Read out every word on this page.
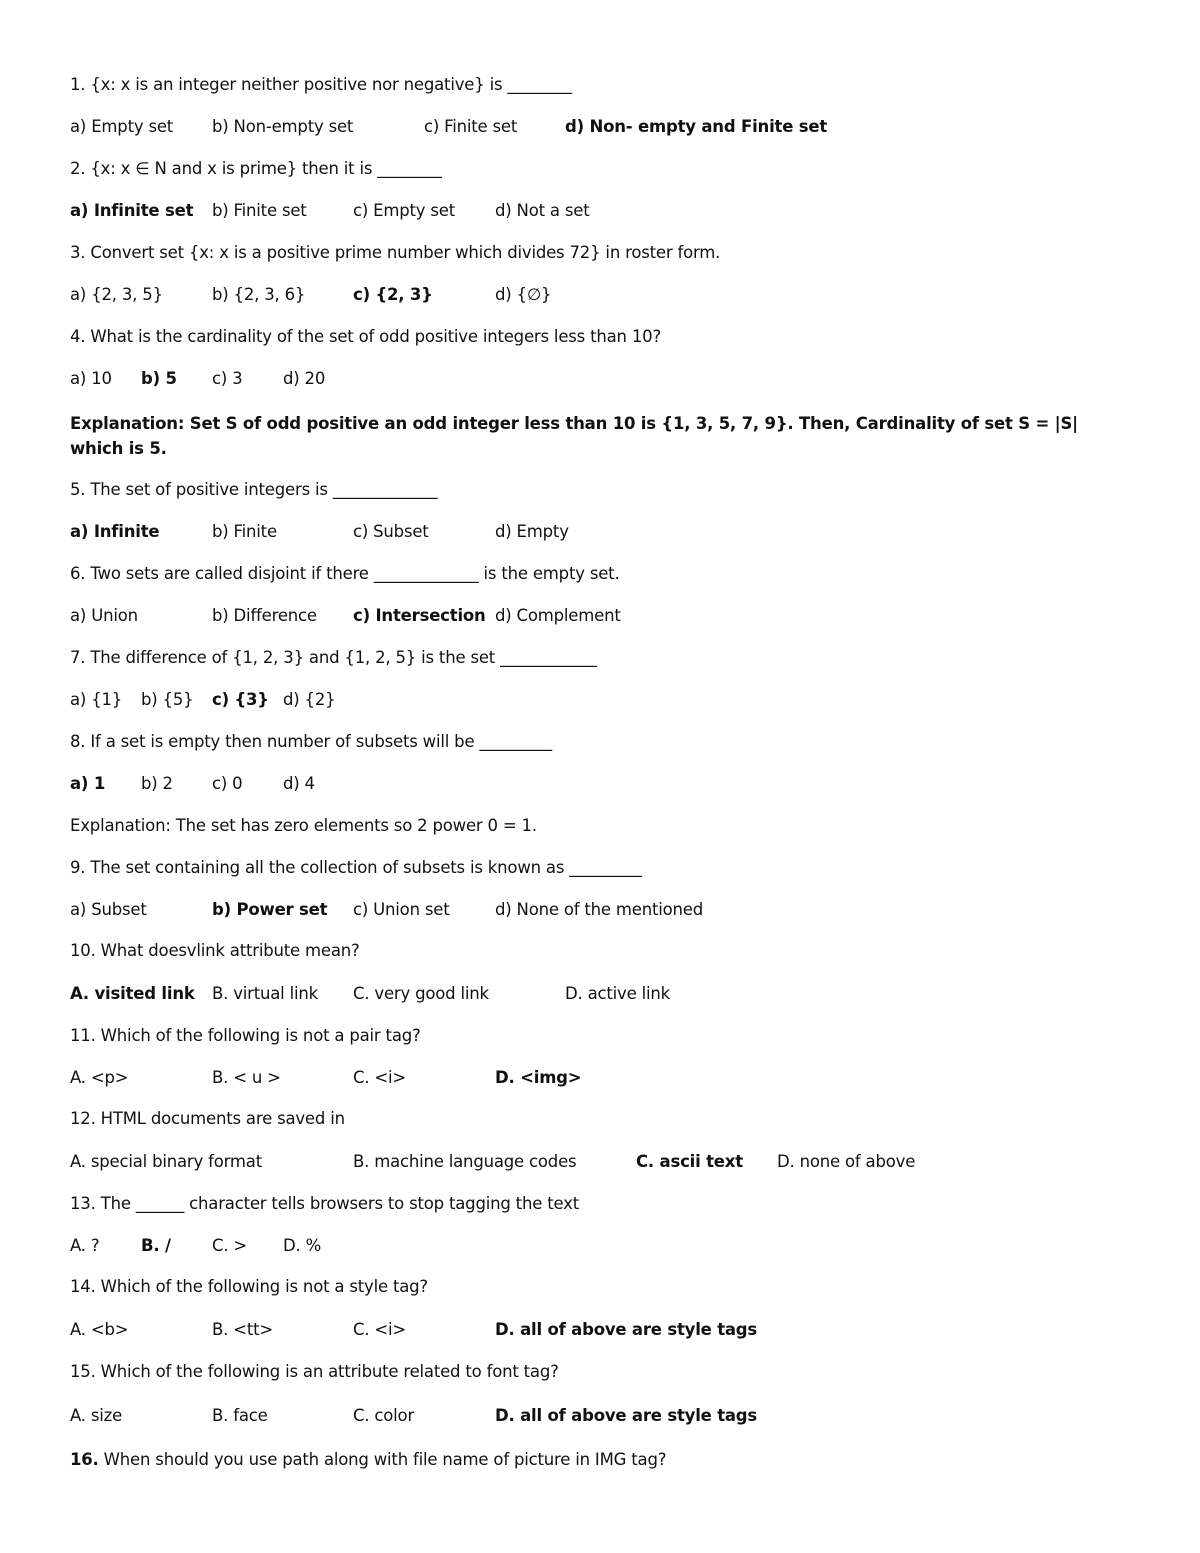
1. {x: x is an integer neither positive nor negative} is ________
a) Empty set b) Non-empty set	c) Finite set	d) Non- empty and Finite set
2. {x: x ∈ N and x is prime} then it is ________
a) Infinite set b) Finite set	c) Empty set d) Not a set
3. Convert set {x: x is a positive prime number which divides 72} in roster form.
a) {2, 3, 5}	b) {2, 3, 6}	c) {2, 3}	d) {∅}
4. What is the cardinality of the set of odd positive integers less than 10?
a) 10 b) 5 c) 3 d) 20
Explanation: Set S of odd positive an odd integer less than 10 is {1, 3, 5, 7, 9}. Then, Cardinality of set S = |S| which is 5.
5. The set of positive integers is _____________
a) Infinite	b) Finite	c) Subset	d) Empty
6. Two sets are called disjoint if there _____________ is the empty set.
a) Union	b) Difference c) Intersection d) Complement
7. The difference of {1, 2, 3} and {1, 2, 5} is the set ____________
a) {1} b) {5} c) {3} d) {2}
8. If a set is empty then number of subsets will be _________
a) 1 b) 2 c) 0 d) 4
Explanation: The set has zero elements so 2 power 0 = 1.
9. The set containing all the collection of subsets is known as _________
a) Subset	b) Power set c) Union set	d) None of the mentioned
10. What doesvlink attribute mean?
A. visited link B. virtual link C. very good link	D. active link
11. Which of the following is not a pair tag?
A. <p>	B. < u >	C. <i>	D. <img>
12. HTML documents are saved in
A. special binary format	B. machine language codes	C. ascii text D. none of above
13. The ______ character tells browsers to stop tagging the text
A. ?	B. / C. > D. %
14. Which of the following is not a style tag?
A. <b>	B. <tt>	C. <i>	D. all of above are style tags
15. Which of the following is an attribute related to font tag?
A. size	B. face	C. color	D. all of above are style tags
16. When should you use path along with file name of picture in IMG tag?
